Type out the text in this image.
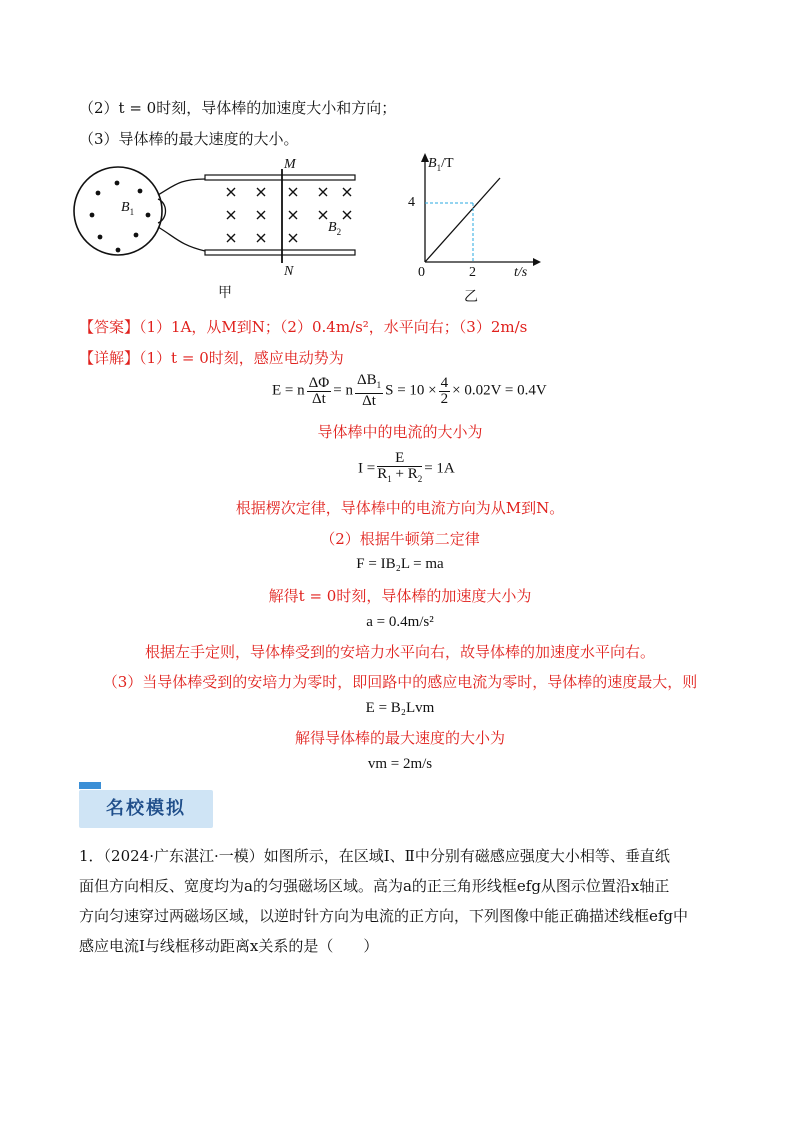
（2）t = 0时刻，导体棒的加速度大小和方向；
（3）导体棒的最大速度的大小。
M
N
$B_1$
$B_2$
甲
$B_1/T$
4
0	2	t/s
乙
【答案】（1）1A，从M到N；（2）0.4m/s²，水平向右；（3）2m/s
【详解】（1）t = 0时刻，感应电动势为
E = n $\frac{\Delta\Phi}{\Delta t} = n \frac{\Delta B_1}{\Delta t}$ $S = 10 \times \frac{4}{2} \times 0.02V = 0.4V$
导体棒中的电流的大小为
$I = \frac{E}{R_1 + R_2} = 1A$
根据楞次定律，导体棒中的电流方向为从M到N。
（2）根据牛顿第二定律
F = IB₂L = ma
解得t = 0时刻，导体棒的加速度大小为
a = 0.4m/s²
根据左手定则，导体棒受到的安培力水平向右，故导体棒的加速度水平向右。
（3）当导体棒受到的安培力为零时，即回路中的感应电流为零时，导体棒的速度最大，则
E = B₂Lvm
解得导体棒的最大速度的大小为
vm = 2m/s
名校模拟
1．（2024·广东湛江·一模）如图所示，在区域Ⅰ、Ⅱ中分别有磁感应强度大小相等、垂直纸
面但方向相反、宽度均为a的匀强磁场区域。高为a的正三角形线框efg从图示位置沿x轴正
方向匀速穿过两磁场区域，以逆时针方向为电流的正方向，下列图像中能正确描述线框efg中
感应电流I与线框移动距离x关系的是（　　）
